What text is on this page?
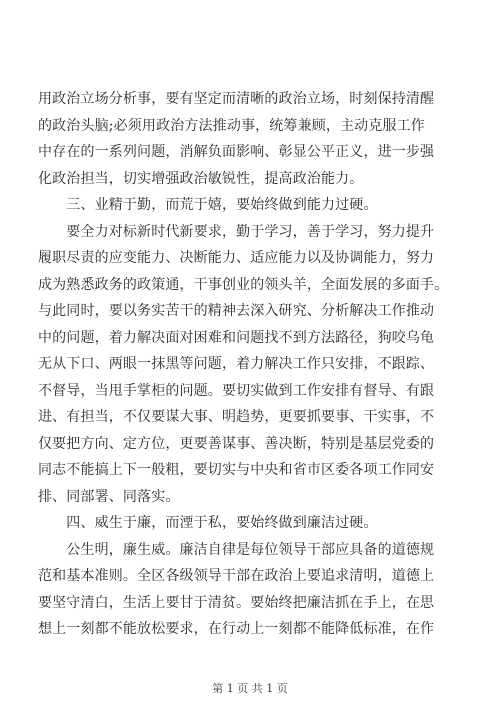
用政治立场分析事，要有坚定而清晰的政治立场，时刻保持清醒
的政治头脑;必须用政治方法推动事，统筹兼顾，主动克服工作
中存在的一系列问题，消解负面影响、彰显公平正义，进一步强
化政治担当，切实增强政治敏锐性，提高政治能力。
　　三、业精于勤，而荒于嬉，要始终做到能力过硬。
　　要全力对标新时代新要求，勤于学习，善于学习，努力提升
履职尽责的应变能力、决断能力、适应能力以及协调能力，努力
成为熟悉政务的政策通，干事创业的领头羊，全面发展的多面手。
与此同时，要以务实苦干的精神去深入研究、分析解决工作推动
中的问题，着力解决面对困难和问题找不到方法路径，狗咬乌龟
无从下口、两眼一抹黑等问题，着力解决工作只安排，不跟踪、
不督导，当甩手掌柜的问题。要切实做到工作安排有督导、有跟
进、有担当，不仅要谋大事、明趋势，更要抓要事、干实事，不
仅要把方向、定方位，更要善谋事、善决断，特别是基层党委的
同志不能搞上下一般粗，要切实与中央和省市区委各项工作同安
排、同部署、同落实。
　　四、威生于廉，而湮于私，要始终做到廉洁过硬。
　　公生明，廉生威。廉洁自律是每位领导干部应具备的道德规
范和基本准则。全区各级领导干部在政治上要追求清明，道德上
要坚守清白，生活上要甘于清贫。要始终把廉洁抓在手上，在思
想上一刻都不能放松要求，在行动上一刻都不能降低标准，在作
第 1 页 共 1 页
